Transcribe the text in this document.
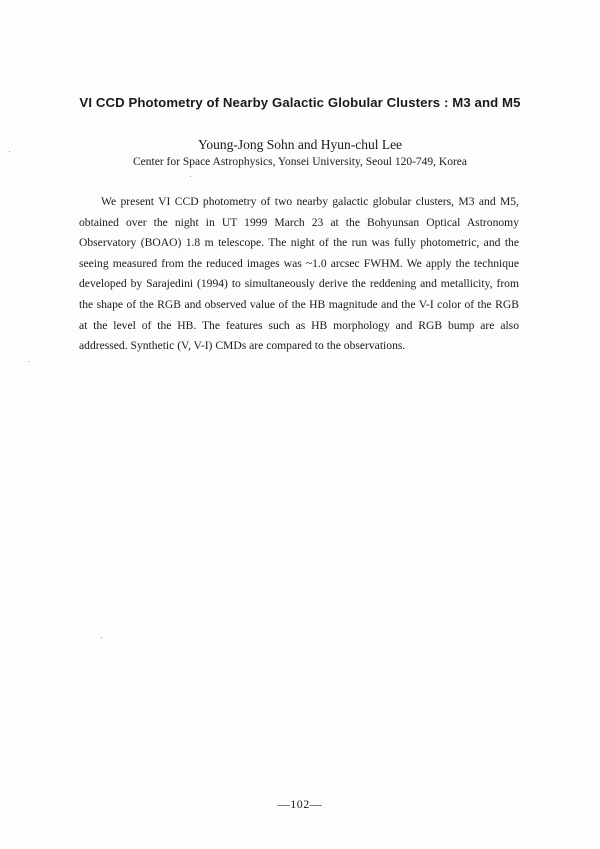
VI CCD Photometry of Nearby Galactic Globular Clusters : M3 and M5
Young-Jong Sohn and Hyun-chul Lee
Center for Space Astrophysics, Yonsei University, Seoul 120-749, Korea

We present VI CCD photometry of two nearby galactic globular clusters, M3 and M5, obtained over the night in UT 1999 March 23 at the Bohyunsan Optical Astronomy Observatory (BOAO) 1.8 m telescope. The night of the run was fully photometric, and the seeing measured from the reduced images was ~1.0 arcsec FWHM. We apply the technique developed by Sarajedini (1994) to simultaneously derive the reddening and metallicity, from the shape of the RGB and observed value of the HB magnitude and the V-I color of the RGB at the level of the HB. The features such as HB morphology and RGB bump are also addressed. Synthetic (V, V-I) CMDs are compared to the observations.

—102—
